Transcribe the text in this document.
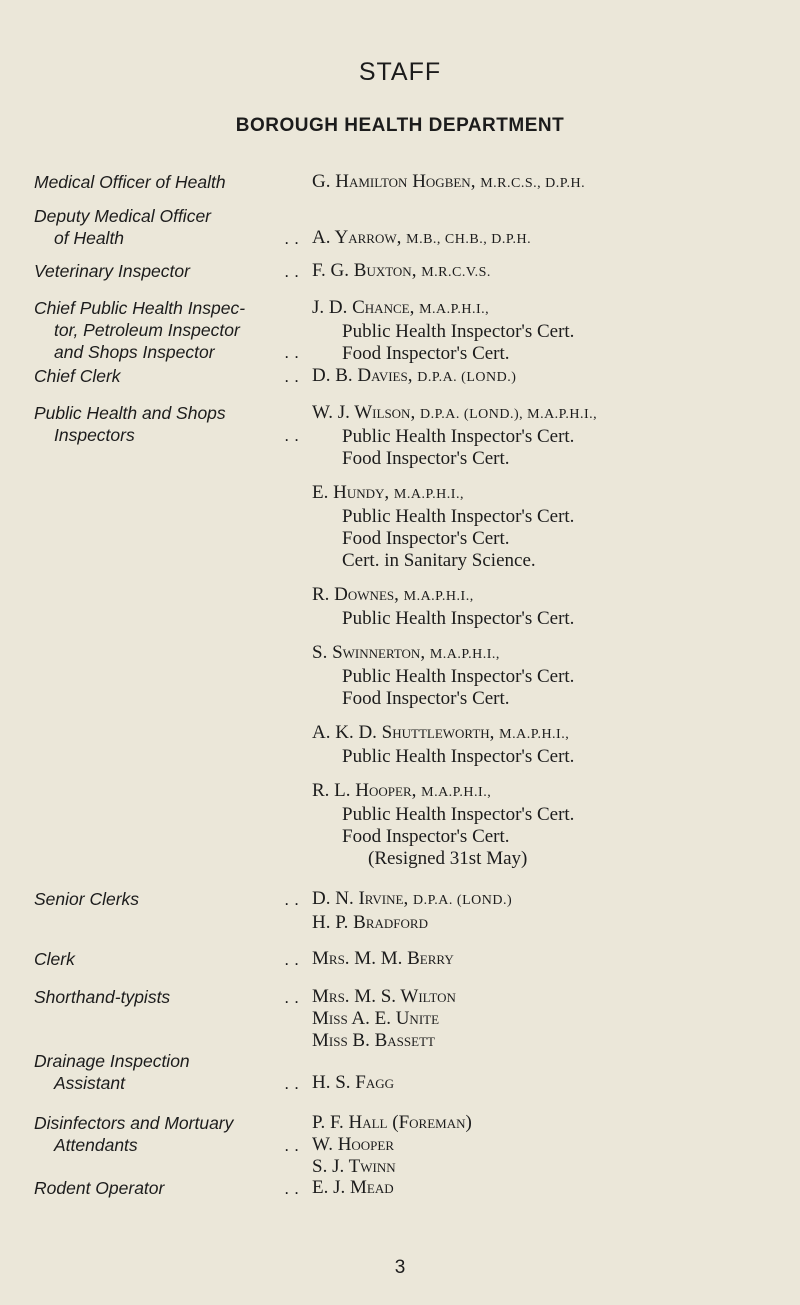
STAFF
BOROUGH HEALTH DEPARTMENT
Medical Officer of Health	G. Hamilton Hogben, M.R.C.S., D.P.H.
Deputy Medical Officer
of Health	.. A. Yarrow, M.B., CH.B., D.P.H.
Veterinary Inspector	.. F. G. Buxton, M.R.C.V.S.
Chief Public Health Inspec-
tor, Petroleum Inspector
and Shops Inspector	..
J. D. Chance, M.A.P.H.I.,
Public Health Inspector's Cert.
Food Inspector's Cert.
Chief Clerk	.. D. B. Davies, D.P.A. (LOND.)
Public Health and Shops
Inspectors	..
W. J. Wilson, D.P.A. (LOND.), M.A.P.H.I.,
Public Health Inspector's Cert.
Food Inspector's Cert.
E. Hundy, M.A.P.H.I.,
Public Health Inspector's Cert.
Food Inspector's Cert.
Cert. in Sanitary Science.
R. Downes, M.A.P.H.I.,
Public Health Inspector's Cert.
S. Swinnerton, M.A.P.H.I.,
Public Health Inspector's Cert.
Food Inspector's Cert.
A. K. D. Shuttleworth, M.A.P.H.I.,
Public Health Inspector's Cert.
R. L. Hooper, M.A.P.H.I.,
Public Health Inspector's Cert.
Food Inspector's Cert.
(Resigned 31st May)
Senior Clerks	.. D. N. Irvine, D.P.A. (LOND.)
H. P. Bradford
Clerk	.. Mrs. M. M. Berry
Shorthand-typists	.. Mrs. M. S. Wilton
Miss A. E. Unite
Miss B. Bassett
Drainage Inspection
Assistant	.. H. S. Fagg
Disinfectors and Mortuary
Attendants	..
P. F. Hall (Foreman)
W. Hooper
S. J. Twinn
Rodent Operator	.. E. J. Mead
3
